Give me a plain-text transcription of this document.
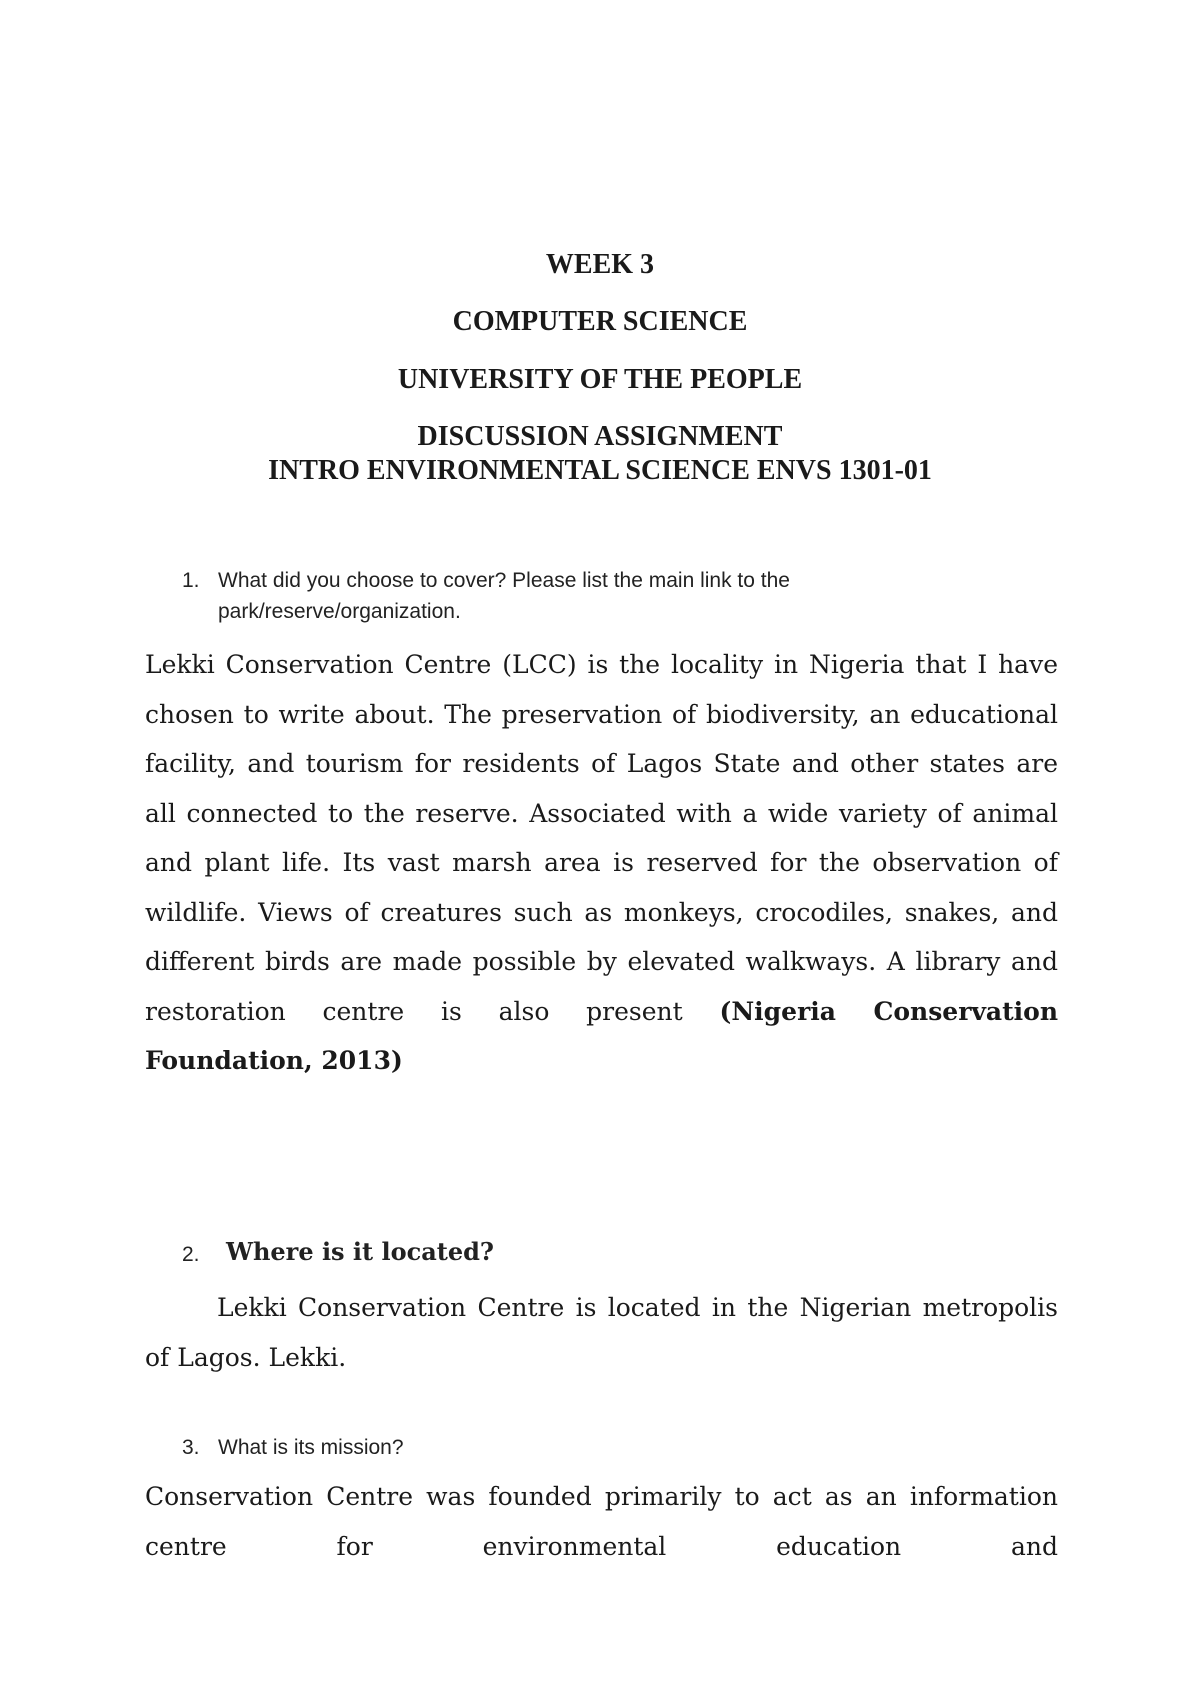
WEEK 3
COMPUTER SCIENCE
UNIVERSITY OF THE PEOPLE
DISCUSSION ASSIGNMENT
INTRO ENVIRONMENTAL SCIENCE ENVS 1301-01
1. What did you choose to cover? Please list the main link to the park/reserve/organization.

Lekki Conservation Centre (LCC) is the locality in Nigeria that I have chosen to write about. The preservation of biodiversity, an educational facility, and tourism for residents of Lagos State and other states are all connected to the reserve. Associated with a wide variety of animal and plant life. Its vast marsh area is reserved for the observation of wildlife. Views of creatures such as monkeys, crocodiles, snakes, and different birds are made possible by elevated walkways. A library and restoration centre is also present (Nigeria Conservation Foundation, 2013)

2. Where is it located?

Lekki Conservation Centre is located in the Nigerian metropolis of Lagos. Lekki.

3. What is its mission?

Conservation Centre was founded primarily to act as an information centre for environmental education and
